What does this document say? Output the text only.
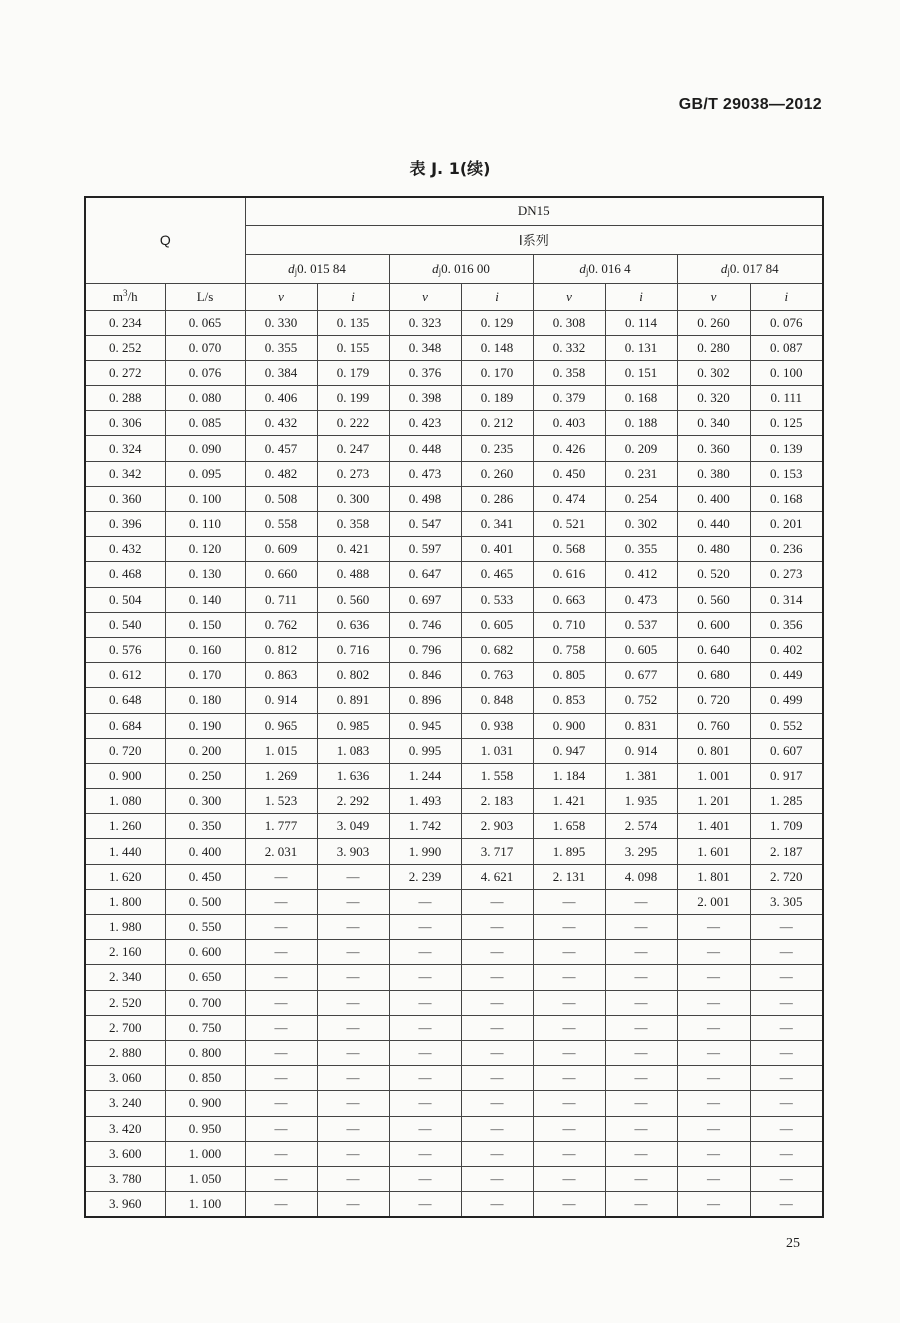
GB/T 29038—2012
表 J. 1(续)
Q		DN15							
		Ⅰ系列							
		$d_j0$. 015 84		$d_j0$. 016 00		$d_j0$. 016 4		$d_j0$. 017 84	
$m^3/h$	L/s	v	i	v	i	v	i	v	i
0. 234	0. 065	0. 330	0. 135	0. 323	0. 129	0. 308	0. 114	0. 260	0. 076
0. 252	0. 070	0. 355	0. 155	0. 348	0. 148	0. 332	0. 131	0. 280	0. 087
0. 272	0. 076	0. 384	0. 179	0. 376	0. 170	0. 358	0. 151	0. 302	0. 100
0. 288	0. 080	0. 406	0. 199	0. 398	0. 189	0. 379	0. 168	0. 320	0. 111
0. 306	0. 085	0. 432	0. 222	0. 423	0. 212	0. 403	0. 188	0. 340	0. 125
0. 324	0. 090	0. 457	0. 247	0. 448	0. 235	0. 426	0. 209	0. 360	0. 139
0. 342	0. 095	0. 482	0. 273	0. 473	0. 260	0. 450	0. 231	0. 380	0. 153
0. 360	0. 100	0. 508	0. 300	0. 498	0. 286	0. 474	0. 254	0. 400	0. 168
0. 396	0. 110	0. 558	0. 358	0. 547	0. 341	0. 521	0. 302	0. 440	0. 201
0. 432	0. 120	0. 609	0. 421	0. 597	0. 401	0. 568	0. 355	0. 480	0. 236
0. 468	0. 130	0. 660	0. 488	0. 647	0. 465	0. 616	0. 412	0. 520	0. 273
0. 504	0. 140	0. 711	0. 560	0. 697	0. 533	0. 663	0. 473	0. 560	0. 314
0. 540	0. 150	0. 762	0. 636	0. 746	0. 605	0. 710	0. 537	0. 600	0. 356
0. 576	0. 160	0. 812	0. 716	0. 796	0. 682	0. 758	0. 605	0. 640	0. 402
0. 612	0. 170	0. 863	0. 802	0. 846	0. 763	0. 805	0. 677	0. 680	0. 449
0. 648	0. 180	0. 914	0. 891	0. 896	0. 848	0. 853	0. 752	0. 720	0. 499
0. 684	0. 190	0. 965	0. 985	0. 945	0. 938	0. 900	0. 831	0. 760	0. 552
0. 720	0. 200	1. 015	1. 083	0. 995	1. 031	0. 947	0. 914	0. 801	0. 607
0. 900	0. 250	1. 269	1. 636	1. 244	1. 558	1. 184	1. 381	1. 001	0. 917
1. 080	0. 300	1. 523	2. 292	1. 493	2. 183	1. 421	1. 935	1. 201	1. 285
1. 260	0. 350	1. 777	3. 049	1. 742	2. 903	1. 658	2. 574	1. 401	1. 709
1. 440	0. 400	2. 031	3. 903	1. 990	3. 717	1. 895	3. 295	1. 601	2. 187
1. 620	0. 450	—	—	2. 239	4. 621	2. 131	4. 098	1. 801	2. 720
1. 800	0. 500	—	—	—	—	—	—	2. 001	3. 305
1. 980	0. 550	—	—	—	—	—	—	—	—
2. 160	0. 600	—	—	—	—	—	—	—	—
2. 340	0. 650	—	—	—	—	—	—	—	—
2. 520	0. 700	—	—	—	—	—	—	—	—
2. 700	0. 750	—	—	—	—	—	—	—	—
2. 880	0. 800	—	—	—	—	—	—	—	—
3. 060	0. 850	—	—	—	—	—	—	—	—
3. 240	0. 900	—	—	—	—	—	—	—	—
3. 420	0. 950	—	—	—	—	—	—	—	—
3. 600	1. 000	—	—	—	—	—	—	—	—
3. 780	1. 050	—	—	—	—	—	—	—	—
3. 960	1. 100	—	—	—	—	—	—	—	—
25
